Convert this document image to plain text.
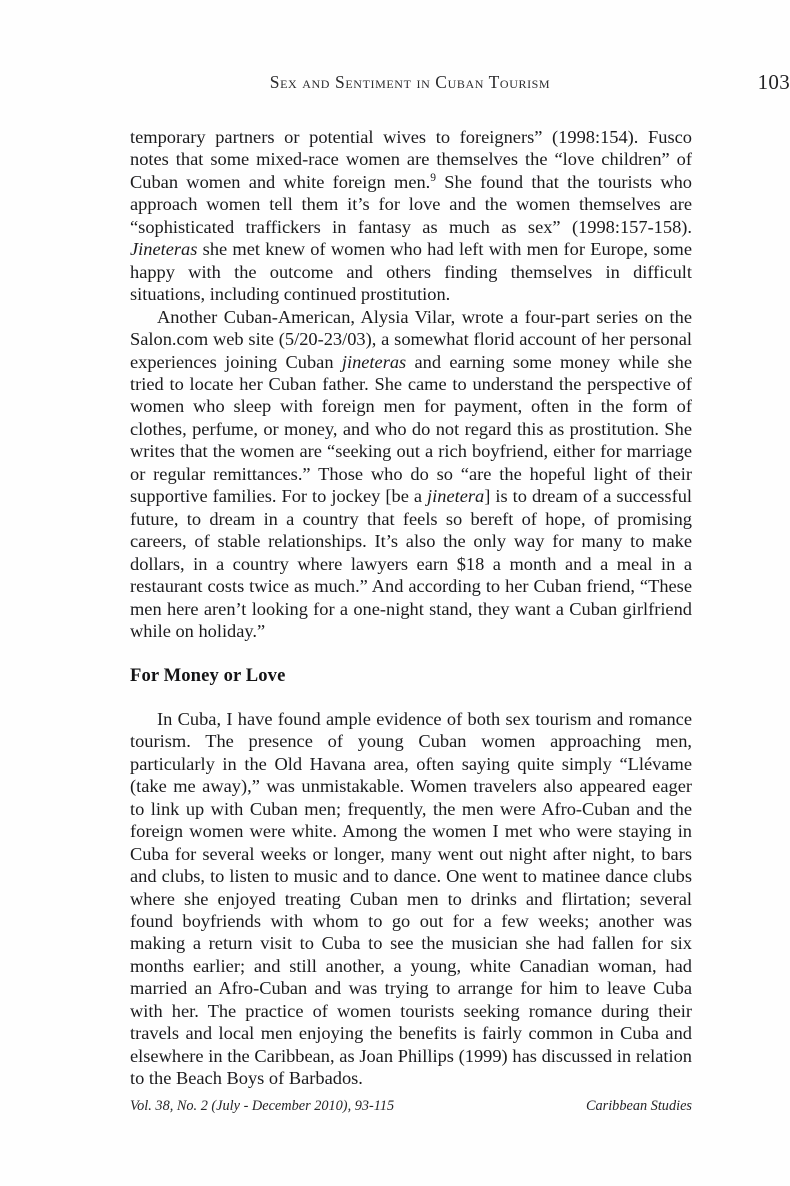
Sex and Sentiment in Cuban Tourism	103

temporary partners or potential wives to foreigners” (1998:154). Fusco notes that some mixed-race women are themselves the “love children” of Cuban women and white foreign men.$^9$ She found that the tourists who approach women tell them it’s for love and the women themselves are “sophisticated traffickers in fantasy as much as sex” (1998:157-158). Jineteras she met knew of women who had left with men for Europe, some happy with the outcome and others finding themselves in difficult situations, including continued prostitution.

Another Cuban-American, Alysia Vilar, wrote a four-part series on the Salon.com web site (5/20-23/03), a somewhat florid account of her personal experiences joining Cuban jineteras and earning some money while she tried to locate her Cuban father. She came to understand the perspective of women who sleep with foreign men for payment, often in the form of clothes, perfume, or money, and who do not regard this as prostitution. She writes that the women are “seeking out a rich boyfriend, either for marriage or regular remittances.” Those who do so “are the hopeful light of their supportive families. For to jockey [be a jinetera] is to dream of a successful future, to dream in a country that feels so bereft of hope, of promising careers, of stable relationships. It’s also the only way for many to make dollars, in a country where lawyers earn $18 a month and a meal in a restaurant costs twice as much.” And according to her Cuban friend, “These men here aren’t looking for a one-night stand, they want a Cuban girlfriend while on holiday.”

For Money or Love

In Cuba, I have found ample evidence of both sex tourism and romance tourism. The presence of young Cuban women approaching men, particularly in the Old Havana area, often saying quite simply “Llévame (take me away),” was unmistakable. Women travelers also appeared eager to link up with Cuban men; frequently, the men were Afro-Cuban and the foreign women were white. Among the women I met who were staying in Cuba for several weeks or longer, many went out night after night, to bars and clubs, to listen to music and to dance. One went to matinee dance clubs where she enjoyed treating Cuban men to drinks and flirtation; several found boyfriends with whom to go out for a few weeks; another was making a return visit to Cuba to see the musician she had fallen for six months earlier; and still another, a young, white Canadian woman, had married an Afro-Cuban and was trying to arrange for him to leave Cuba with her. The practice of women tourists seeking romance during their travels and local men enjoying the benefits is fairly common in Cuba and elsewhere in the Caribbean, as Joan Phillips (1999) has discussed in relation to the Beach Boys of Barbados.

Vol. 38, No. 2 (July - December 2010), 93-115	Caribbean Studies
